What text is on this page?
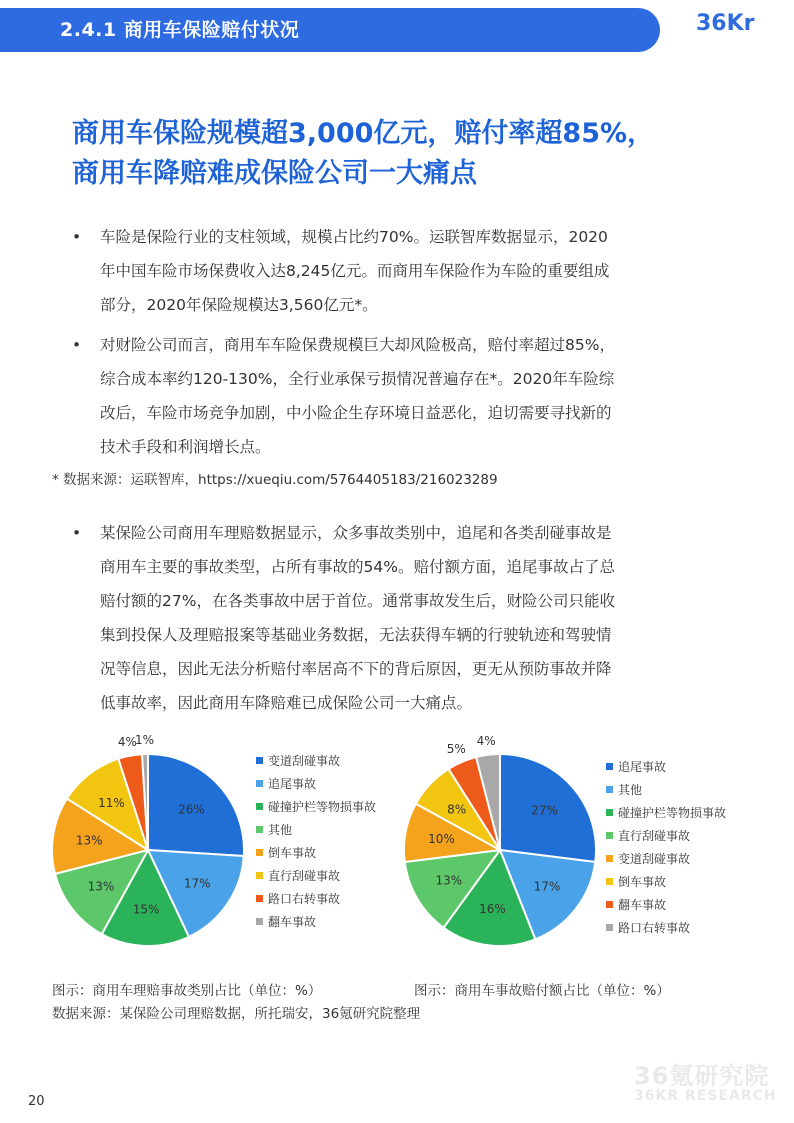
2.4.1 商用车保险赔付状况	36Kr
商用车保险规模超3,000亿元，赔付率超85%，
商用车降赔难成保险公司一大痛点
•	车险是保险行业的支柱领域，规模占比约70%。运联智库数据显示，2020
年中国车险市场保费收入达8,245亿元。而商用车保险作为车险的重要组成
部分，2020年保险规模达3,560亿元*。
•	对财险公司而言，商用车车险保费规模巨大却风险极高，赔付率超过85%，
综合成本率约120-130%，全行业承保亏损情况普遍存在*。2020年车险综
改后，车险市场竞争加剧，中小险企生存环境日益恶化，迫切需要寻找新的
技术手段和利润增长点。
* 数据来源：运联智库，https://xueqiu.com/5764405183/216023289
•	某保险公司商用车理赔数据显示，众多事故类别中，追尾和各类刮碰事故是
商用车主要的事故类型，占所有事故的54%。赔付额方面，追尾事故占了总
赔付额的27%，在各类事故中居于首位。通常事故发生后，财险公司只能收
集到投保人及理赔报案等基础业务数据，无法获得车辆的行驶轨迹和驾驶情
况等信息，因此无法分析赔付率居高不下的背后原因，更无从预防事故并降
低事故率，因此商用车降赔难已成保险公司一大痛点。
26%
17%
15%
13%
13%
11%
4%
1%
变道刮碰事故
追尾事故
碰撞护栏等物损事故
其他
倒车事故
直行刮碰事故
路口右转事故
翻车事故
27%
17%
16%
13%
10%
8%
5%
4%
追尾事故
其他
碰撞护栏等物损事故
直行刮碰事故
变道刮碰事故
倒车事故
翻车事故
路口右转事故
图示：商用车理赔事故类别占比（单位：%）	图示：商用车事故赔付额占比（单位：%）
数据来源：某保险公司理赔数据，所托瑞安，36氪研究院整理
36氪研究院
36KR RESEARCH
20
